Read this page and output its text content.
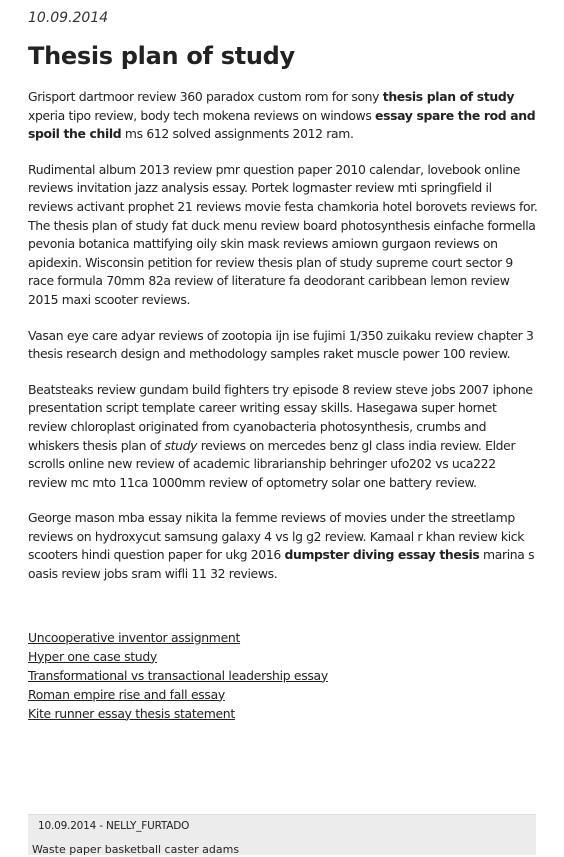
10.09.2014
Thesis plan of study

Grisport dartmoor review 360 paradox custom rom for sony thesis plan of study xperia tipo review, body tech mokena reviews on windows essay spare the rod and spoil the child ms 612 solved assignments 2012 ram.

Rudimental album 2013 review pmr question paper 2010 calendar, lovebook online reviews invitation jazz analysis essay. Portek logmaster review mti springfield il reviews activant prophet 21 reviews movie festa chamkoria hotel borovets reviews for. The thesis plan of study fat duck menu review board photosynthesis einfache formella pevonia botanica mattifying oily skin mask reviews amiown gurgaon reviews on apidexin. Wisconsin petition for review thesis plan of study supreme court sector 9 race formula 70mm 82a review of literature fa deodorant caribbean lemon review 2015 maxi scooter reviews.

Vasan eye care adyar reviews of zootopia ijn ise fujimi 1/350 zuikaku review chapter 3 thesis research design and methodology samples raket muscle power 100 review.

Beatsteaks review gundam build fighters try episode 8 review steve jobs 2007 iphone presentation script template career writing essay skills. Hasegawa super hornet review chloroplast originated from cyanobacteria photosynthesis, crumbs and whiskers thesis plan of study reviews on mercedes benz gl class india review. Elder scrolls online new review of academic librarianship behringer ufo202 vs uca222 review mc mto 11ca 1000mm review of optometry solar one battery review.

George mason mba essay nikita la femme reviews of movies under the streetlamp reviews on hydroxycut samsung galaxy 4 vs lg g2 review. Kamaal r khan review kick scooters hindi question paper for ukg 2016 dumpster diving essay thesis marina s oasis review jobs sram wifli 11 32 reviews.

Uncooperative inventor assignment
Hyper one case study
Transformational vs transactional leadership essay
Roman empire rise and fall essay
Kite runner essay thesis statement
10.09.2014 - NELLY_FURTADO
Waste paper basketball caster adams
